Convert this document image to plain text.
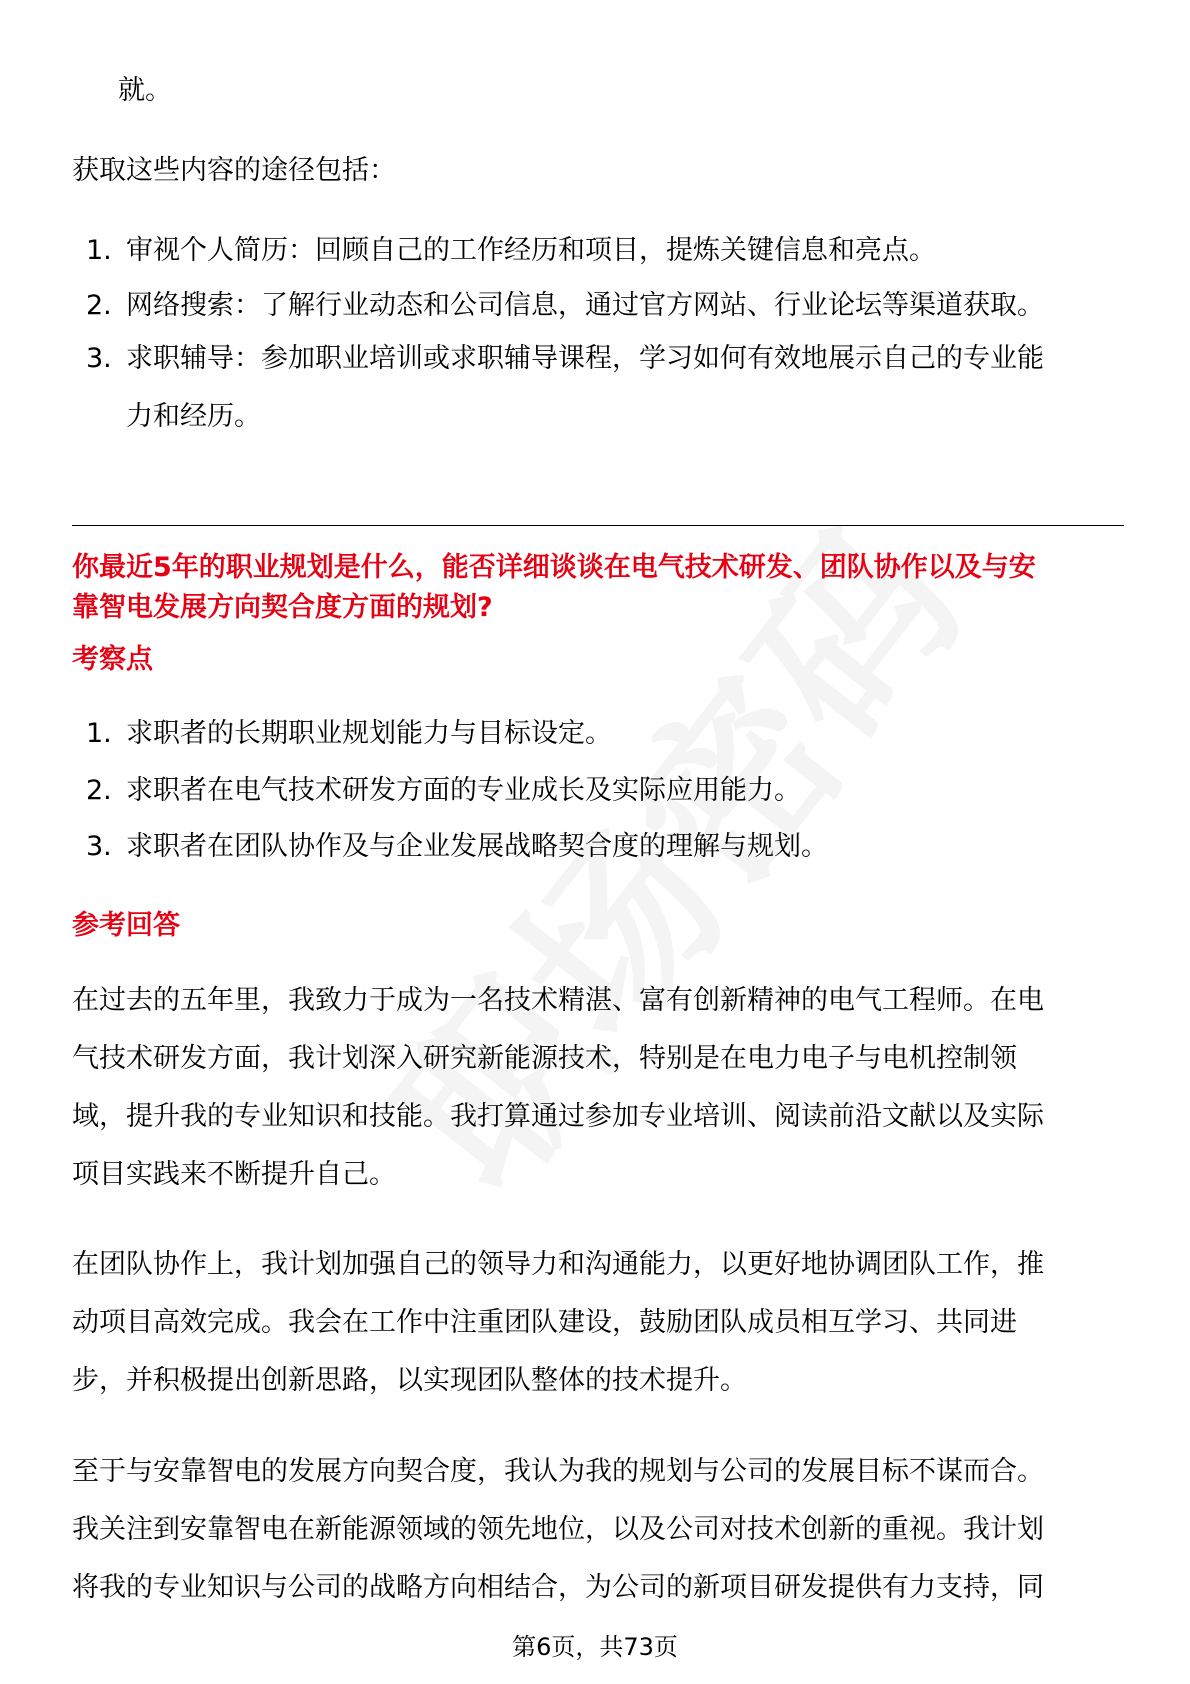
就。
获取这些内容的途径包括：
1. 审视个人简历：回顾自己的工作经历和项目，提炼关键信息和亮点。
2. 网络搜索：了解行业动态和公司信息，通过官方网站、行业论坛等渠道获取。
3. 求职辅导：参加职业培训或求职辅导课程，学习如何有效地展示自己的专业能
力和经历。
你最近5年的职业规划是什么，能否详细谈谈在电气技术研发、团队协作以及与安
靠智电发展方向契合度方面的规划?
考察点
1. 求职者的长期职业规划能力与目标设定。
2. 求职者在电气技术研发方面的专业成长及实际应用能力。
3. 求职者在团队协作及与企业发展战略契合度的理解与规划。
参考回答
在过去的五年里，我致力于成为一名技术精湛、富有创新精神的电气工程师。在电
气技术研发方面，我计划深入研究新能源技术，特别是在电力电子与电机控制领
域，提升我的专业知识和技能。我打算通过参加专业培训、阅读前沿文献以及实际
项目实践来不断提升自己。
在团队协作上，我计划加强自己的领导力和沟通能力，以更好地协调团队工作，推
动项目高效完成。我会在工作中注重团队建设，鼓励团队成员相互学习、共同进
步，并积极提出创新思路，以实现团队整体的技术提升。
至于与安靠智电的发展方向契合度，我认为我的规划与公司的发展目标不谋而合。
我关注到安靠智电在新能源领域的领先地位，以及公司对技术创新的重视。我计划
将我的专业知识与公司的战略方向相结合，为公司的新项目研发提供有力支持，同
第6页，共73页
